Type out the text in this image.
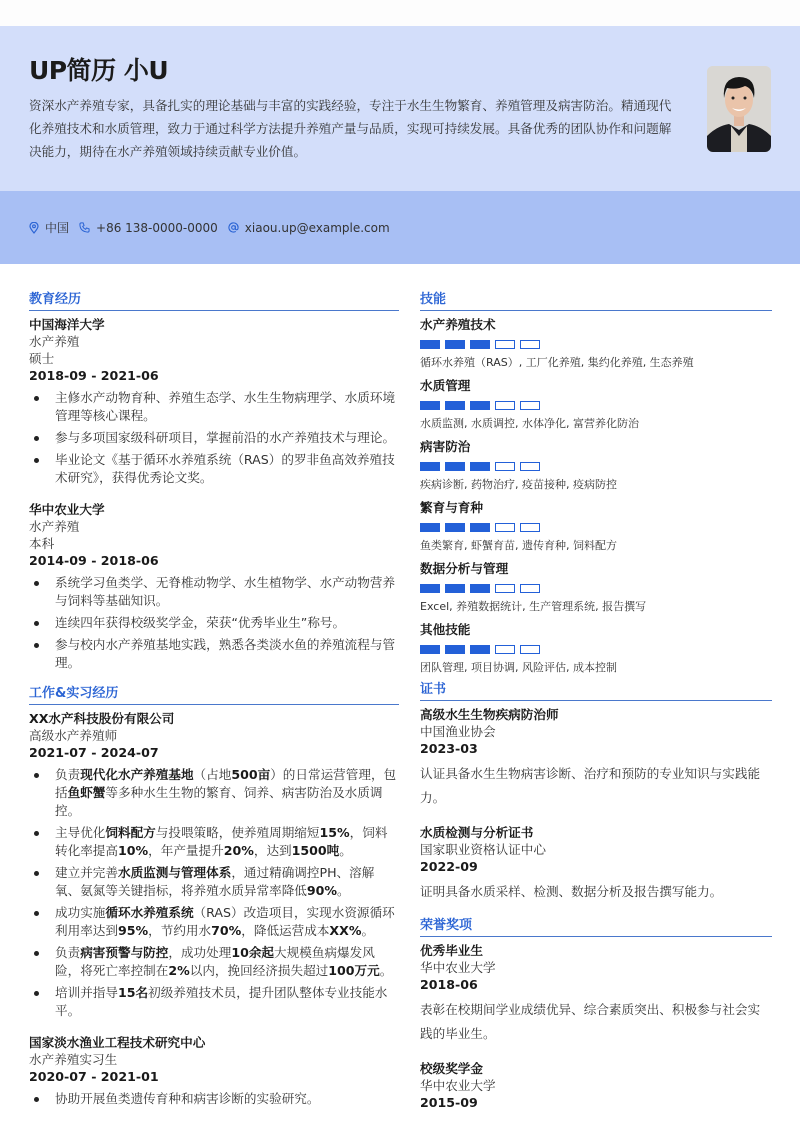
UP简历 小U

资深水产养殖专家，具备扎实的理论基础与丰富的实践经验，专注于水生生物繁育、养殖管理及病害防治。精通现代化养殖技术和水质管理，致力于通过科学方法提升养殖产量与品质，实现可持续发展。具备优秀的团队协作和问题解决能力，期待在水产养殖领域持续贡献专业价值。

中国 +86 138-0000-0000 xiaou.up@example.com
教育经历
中国海洋大学
水产养殖
硕士
2018-09 - 2021-06
主修水产动物育种、养殖生态学、水生生物病理学、水质环境管理等核心课程。
参与多项国家级科研项目，掌握前沿的水产养殖技术与理论。
毕业论文《基于循环水养殖系统（RAS）的罗非鱼高效养殖技术研究》，获得优秀论文奖。
华中农业大学
水产养殖
本科
2014-09 - 2018-06
系统学习鱼类学、无脊椎动物学、水生植物学、水产动物营养与饲料等基础知识。
连续四年获得校级奖学金，荣获“优秀毕业生”称号。
参与校内水产养殖基地实践，熟悉各类淡水鱼的养殖流程与管理。
工作&实习经历
XX水产科技股份有限公司
高级水产养殖师
2021-07 - 2024-07
负责现代化水产养殖基地（占地500亩）的日常运营管理，包括鱼虾蟹等多种水生生物的繁育、饲养、病害防治及水质调控。
主导优化饲料配方与投喂策略，使养殖周期缩短15%，饲料转化率提高10%，年产量提升20%，达到1500吨。
建立并完善水质监测与管理体系，通过精确调控PH、溶解氧、氨氮等关键指标，将养殖水质异常率降低90%。
成功实施循环水养殖系统（RAS）改造项目，实现水资源循环利用率达到95%，节约用水70%，降低运营成本XX%。
负责病害预警与防控，成功处理10余起大规模鱼病爆发风险，将死亡率控制在2%以内，挽回经济损失超过100万元。
培训并指导15名初级养殖技术员，提升团队整体专业技能水平。
国家淡水渔业工程技术研究中心
水产养殖实习生
2020-07 - 2021-01
协助开展鱼类遗传育种和病害诊断的实验研究。
技能
水产养殖技术
循环水养殖（RAS）, 工厂化养殖, 集约化养殖, 生态养殖
水质管理
水质监测, 水质调控, 水体净化, 富营养化防治
病害防治
疾病诊断, 药物治疗, 疫苗接种, 疫病防控
繁育与育种
鱼类繁育, 虾蟹育苗, 遗传育种, 饲料配方
数据分析与管理
Excel, 养殖数据统计, 生产管理系统, 报告撰写
其他技能
团队管理, 项目协调, 风险评估, 成本控制
证书
高级水生生物疾病防治师
中国渔业协会
2023-03
认证具备水生生物病害诊断、治疗和预防的专业知识与实践能力。
水质检测与分析证书
国家职业资格认证中心
2022-09
证明具备水质采样、检测、数据分析及报告撰写能力。
荣誉奖项
优秀毕业生
华中农业大学
2018-06
表彰在校期间学业成绩优异、综合素质突出、积极参与社会实践的毕业生。
校级奖学金
华中农业大学
2015-09
